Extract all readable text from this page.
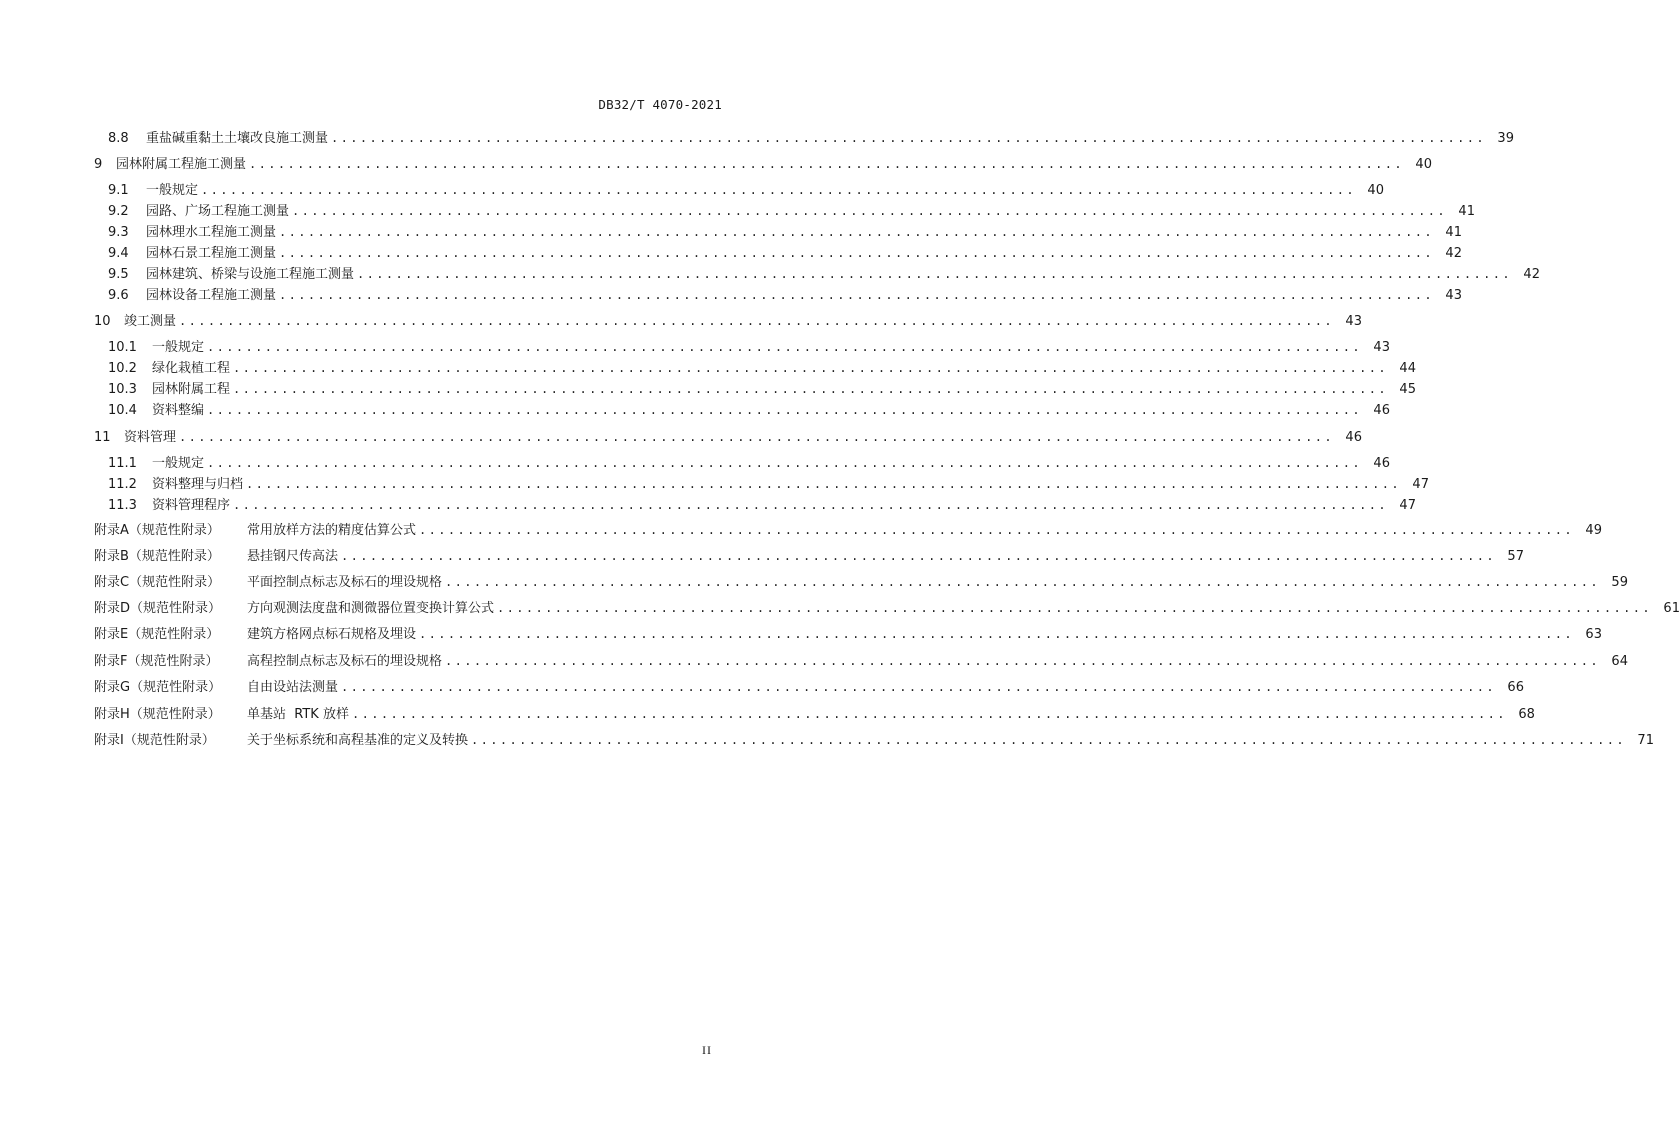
DB32/T 4070-2021
8.8	重盐碱重黏土土壤改良施工测量 ........................................................................................................................ 39
9	园林附属工程施工测量 ........................................................................................................................ 40
9.1	一般规定 ........................................................................................................................ 40
9.2	园路、广场工程施工测量 ........................................................................................................................ 41
9.3	园林理水工程施工测量 ........................................................................................................................ 41
9.4	园林石景工程施工测量 ........................................................................................................................ 42
9.5	园林建筑、桥梁与设施工程施工测量 ........................................................................................................................ 42
9.6	园林设备工程施工测量 ........................................................................................................................ 43
10	竣工测量 ........................................................................................................................ 43
10.1	一般规定 ........................................................................................................................ 43
10.2	绿化栽植工程 ........................................................................................................................ 44
10.3	园林附属工程 ........................................................................................................................ 45
10.4	资料整编 ........................................................................................................................ 46
11	资料管理 ........................................................................................................................ 46
11.1	一般规定 ........................................................................................................................ 46
11.2	资料整理与归档 ........................................................................................................................ 47
11.3	资料管理程序 ........................................................................................................................ 47
附录A（规范性附录）	常用放样方法的精度估算公式 ........................................................................................................................ 49
附录B（规范性附录）	悬挂钢尺传高法 ........................................................................................................................ 57
附录C（规范性附录）	平面控制点标志及标石的埋设规格 ........................................................................................................................ 59
附录D（规范性附录）	方向观测法度盘和测微器位置变换计算公式 ........................................................................................................................ 61
附录E（规范性附录）	建筑方格网点标石规格及埋设 ........................................................................................................................ 63
附录F（规范性附录）	高程控制点标志及标石的埋设规格 ........................................................................................................................ 64
附录G（规范性附录）	自由设站法测量 ........................................................................................................................ 66
附录H（规范性附录）	单基站  RTK 放样 ........................................................................................................................ 68
附录I（规范性附录）	关于坐标系统和高程基准的定义及转换 ........................................................................................................................ 71
II
